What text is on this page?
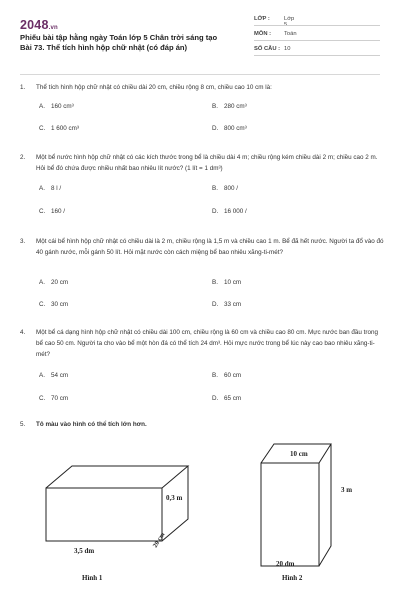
2048.vn
Phiếu bài tập hằng ngày Toán lớp 5 Chân trời sáng tạo Bài 73. Thể tích hình hộp chữ nhật (có đáp án)
LỚP :	Lớp 5
MÔN :	Toán
SỐ CÂU : 10
1. Thể tích hình hộp chữ nhật có chiều dài 20 cm, chiều rộng 8 cm, chiều cao 10 cm là:
A. 160 cm³	B. 280 cm³
C. 1 600 cm³	D. 800 cm³
2. Một bể nước hình hộp chữ nhật có các kích thước trong bể là chiều dài 4 m; chiều rộng kém chiều dài 2 m; chiều cao 2 m. Hỏi bể đó chứa được nhiều nhất bao nhiêu lít nước? (1 lít = 1 dm³)
A. 8 l /	B. 800 /
C. 160 /	D. 16 000 /
3. Một cái bể hình hộp chữ nhật có chiều dài là 2 m, chiều rộng là 1,5 m và chiều cao 1 m. Bể đã hết nước. Người ta đổ vào đó 40 gánh nước, mỗi gánh 50 lít. Hỏi mặt nước còn cách miệng bể bao nhiêu xăng-ti-mét?
A. 20 cm	B. 10 cm
C. 30 cm	D. 33 cm
4. Một bể cá dạng hình hộp chữ nhật có chiều dài 100 cm, chiều rộng là 60 cm và chiều cao 80 cm. Mực nước ban đầu trong bể cao 50 cm. Người ta cho vào bể một hòn đá có thể tích 24 dm³. Hỏi mực nước trong bể lúc này cao bao nhiêu xăng-ti-mét?
A. 54 cm	B. 60 cm
C. 70 cm	D. 65 cm
5. Tô màu vào hình có thể tích lớn hơn.
0,3 m
3,5 dm
20 cm
Hình 1
10 cm
3 m
20 dm
Hình 2
